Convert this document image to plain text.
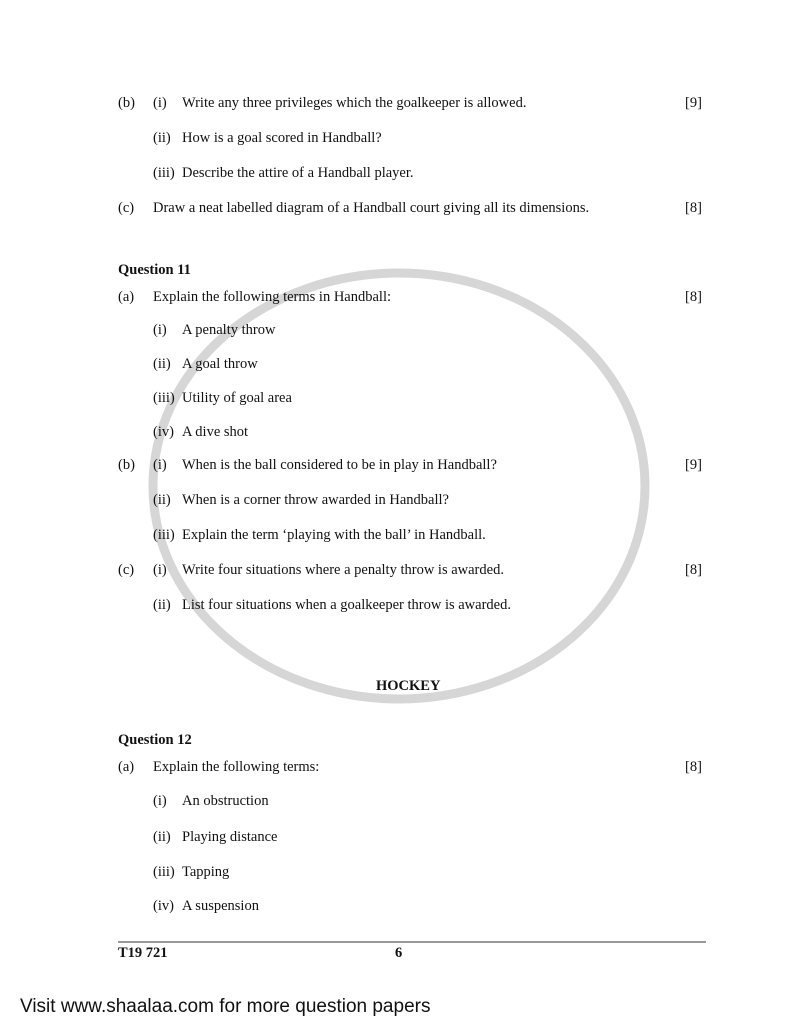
(b) (i) Write any three privileges which the goalkeeper is allowed.	[9]
(ii) How is a goal scored in Handball?
(iii) Describe the attire of a Handball player.
(c) Draw a neat labelled diagram of a Handball court giving all its dimensions.	[8]
Question 11
(a) Explain the following terms in Handball:	[8]
(i) A penalty throw
(ii) A goal throw
(iii) Utility of goal area
(iv) A dive shot
(b) (i) When is the ball considered to be in play in Handball?	[9]
(ii) When is a corner throw awarded in Handball?
(iii) Explain the term ‘playing with the ball’ in Handball.
(c) (i) Write four situations where a penalty throw is awarded.	[8]
(ii) List four situations when a goalkeeper throw is awarded.
HOCKEY
Question 12
(a) Explain the following terms:	[8]
(i) An obstruction
(ii) Playing distance
(iii) Tapping
(iv) A suspension
T19 721	6
Visit www.shaalaa.com for more question papers
